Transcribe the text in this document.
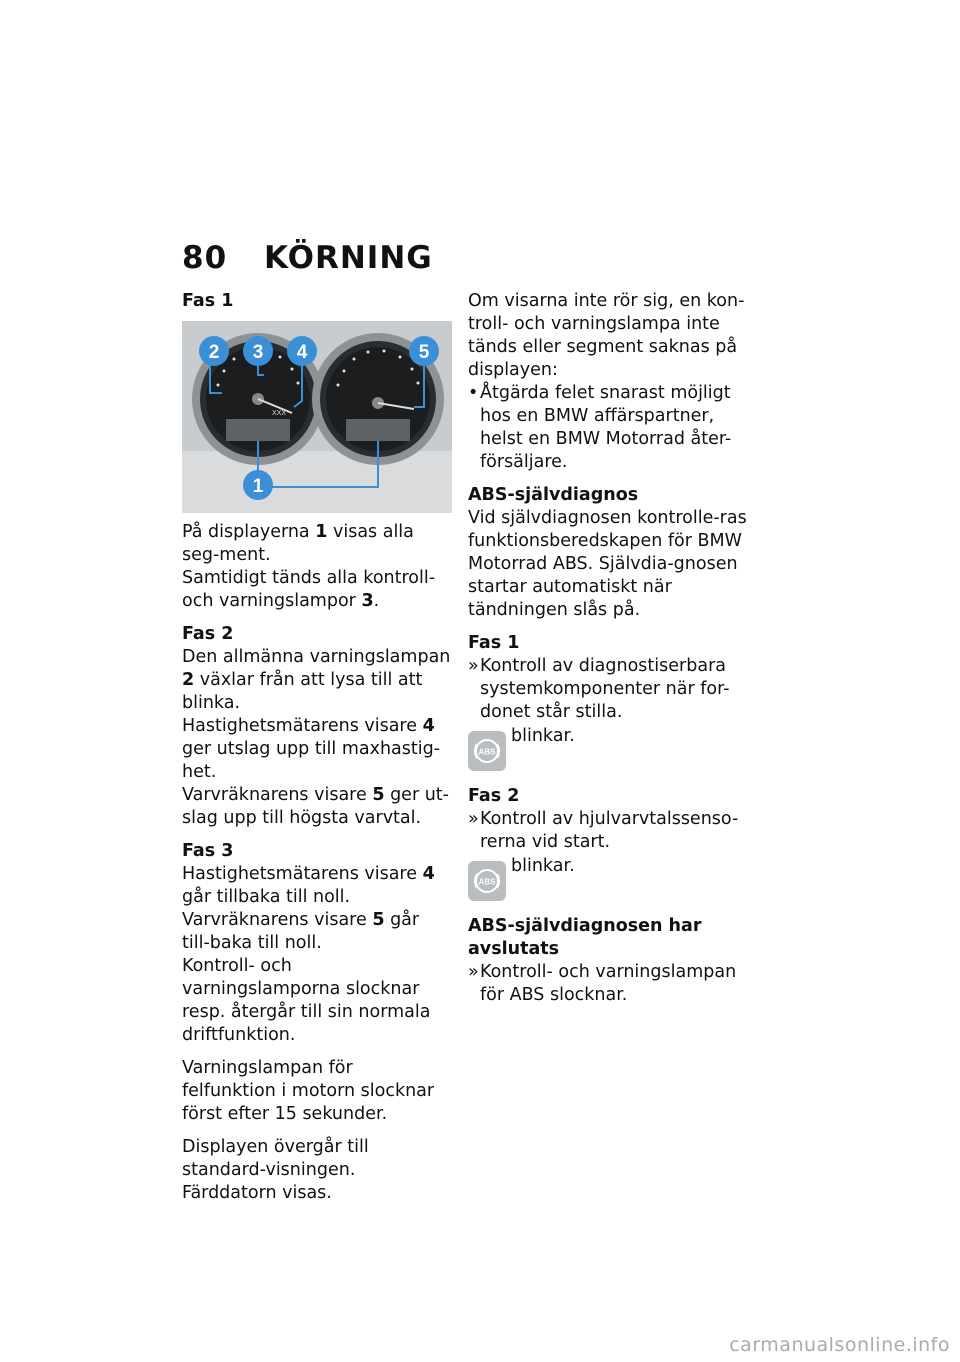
80 KÖRNING
Fas 1
2 3 4	5
1
XXX

På displayerna 1 visas alla seg-ment.

Samtidigt tänds alla kontroll- och varningslampor 3.

Fas 2

Den allmänna varningslampan 2 växlar från att lysa till att blinka.

Hastighetsmätarens visare 4 ger utslag upp till maxhastig-het.

Varvräknarens visare 5 ger ut-slag upp till högsta varvtal.

Fas 3

Hastighetsmätarens visare 4 går tillbaka till noll.

Varvräknarens visare 5 går till-baka till noll.

Kontroll- och varningslamporna slocknar resp. återgår till sin normala driftfunktion.

Varningslampan för felfunktion i motorn slocknar först efter 15 sekunder.

Displayen övergår till standard-visningen. Färddatorn visas.

Om visarna inte rör sig, en kon-troll- och varningslampa inte tänds eller segment saknas på displayen:

• Åtgärda felet snarast möjligt hos en BMW affärspartner, helst en BMW Motorrad åter-försäljare.
ABS-självdiagnos

Vid självdiagnosen kontrolle-ras funktionsberedskapen för BMW Motorrad ABS. Självdia-gnosen startar automatiskt när tändningen slås på.

Fas 1
» Kontroll av diagnostiserbara systemkomponenter när for-donet står stilla.
ABS
blinkar.
Fas 2
» Kontroll av hjulvarvtalssenso-rerna vid start.
ABS
blinkar.
ABS-självdiagnosen har avslutats
» Kontroll- och varningslampan för ABS slocknar.
carmanualsonline.info
